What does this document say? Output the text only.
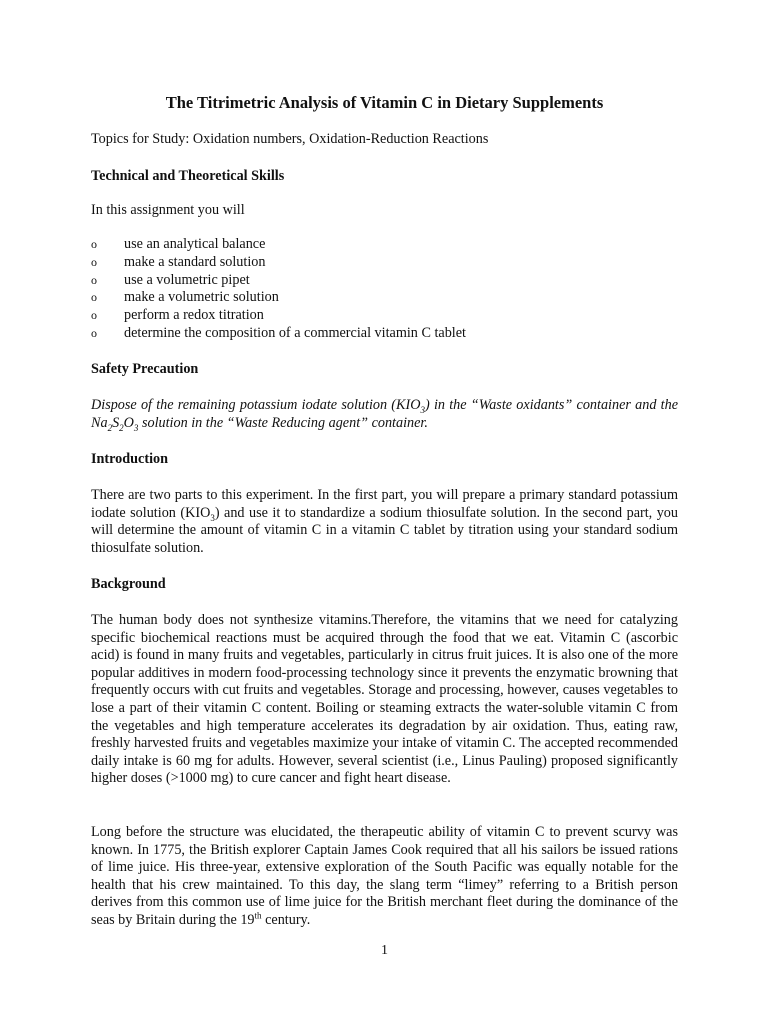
The Titrimetric Analysis of Vitamin C in Dietary Supplements

Topics for Study: Oxidation numbers, Oxidation-Reduction Reactions

Technical and Theoretical Skills

In this assignment you will

o use an analytical balance
o make a standard solution
o use a volumetric pipet
o make a volumetric solution
o perform a redox titration
o determine the composition of a commercial vitamin C tablet

Safety Precaution

Dispose of the remaining potassium iodate solution $(KIO_3)$ in the “Waste oxidants” container and the $Na_2S_2O_3$ solution in the “Waste Reducing agent” container.

Introduction

There are two parts to this experiment. In the first part, you will prepare a primary standard potassium iodate solution $(KIO_3)$ and use it to standardize a sodium thiosulfate solution. In the second part, you will determine the amount of vitamin C in a vitamin C tablet by titration using your standard sodium thiosulfate solution.

Background

The human body does not synthesize vitamins.Therefore, the vitamins that we need for catalyzing specific biochemical reactions must be acquired through the food that we eat. Vitamin C (ascorbic acid) is found in many fruits and vegetables, particularly in citrus fruit juices. It is also one of the more popular additives in modern food-processing technology since it prevents the enzymatic browning that frequently occurs with cut fruits and vegetables. Storage and processing, however, causes vegetables to lose a part of their vitamin C content. Boiling or steaming extracts the water-soluble vitamin C from the vegetables and high temperature accelerates its degradation by air oxidation. Thus, eating raw, freshly harvested fruits and vegetables maximize your intake of vitamin C. The accepted recommended daily intake is 60 mg for adults. However, several scientist (i.e., Linus Pauling) proposed significantly higher doses (>1000 mg) to cure cancer and fight heart disease.

Long before the structure was elucidated, the therapeutic ability of vitamin C to prevent scurvy was known. In 1775, the British explorer Captain James Cook required that all his sailors be issued rations of lime juice. His three-year, extensive exploration of the South Pacific was equally notable for the health that his crew maintained. To this day, the slang term “limey” referring to a British person derives from this common use of lime juice for the British merchant fleet during the dominance of the seas by Britain during the 19th century.

1
